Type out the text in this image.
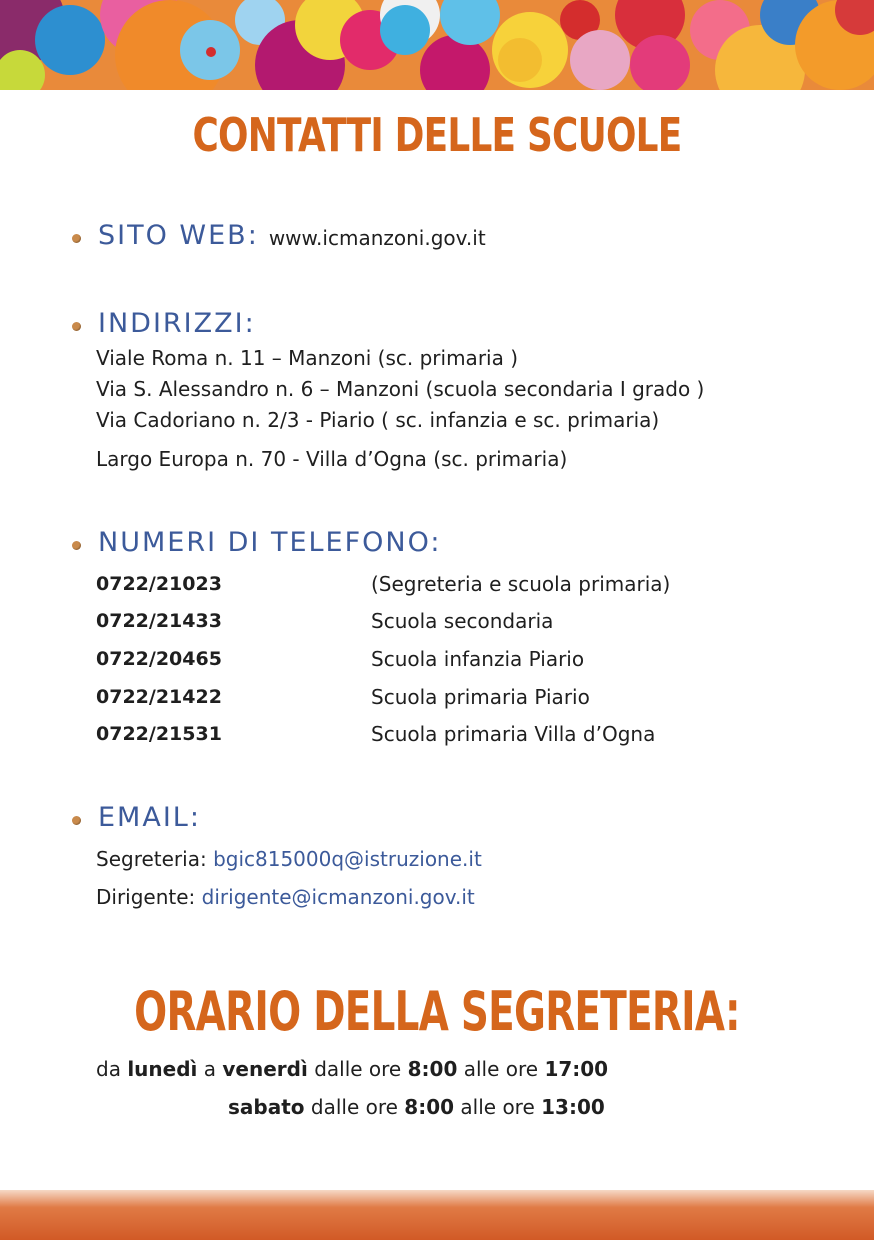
CONTATTI DELLE SCUOLE
SITO WEB: www.icmanzoni.gov.it
INDIRIZZI:
Viale Roma n. 11 – Manzoni (sc. primaria )
Via S. Alessandro n. 6 – Manzoni (scuola secondaria I grado )
Via Cadoriano n. 2/3 - Piario ( sc. infanzia e sc. primaria)
Largo Europa n. 70 - Villa d’Ogna (sc. primaria)
NUMERI DI TELEFONO:
0722/21023	(Segreteria e scuola primaria)
0722/21433	Scuola secondaria
0722/20465	Scuola infanzia Piario
0722/21422	Scuola primaria Piario
0722/21531	Scuola primaria Villa d’Ogna
EMAIL:
Segreteria: bgic815000q@istruzione.it
Dirigente: dirigente@icmanzoni.gov.it
ORARIO DELLA SEGRETERIA:
da lunedì a venerdì dalle ore 8:00 alle ore 17:00
sabato dalle ore 8:00 alle ore 13:00
